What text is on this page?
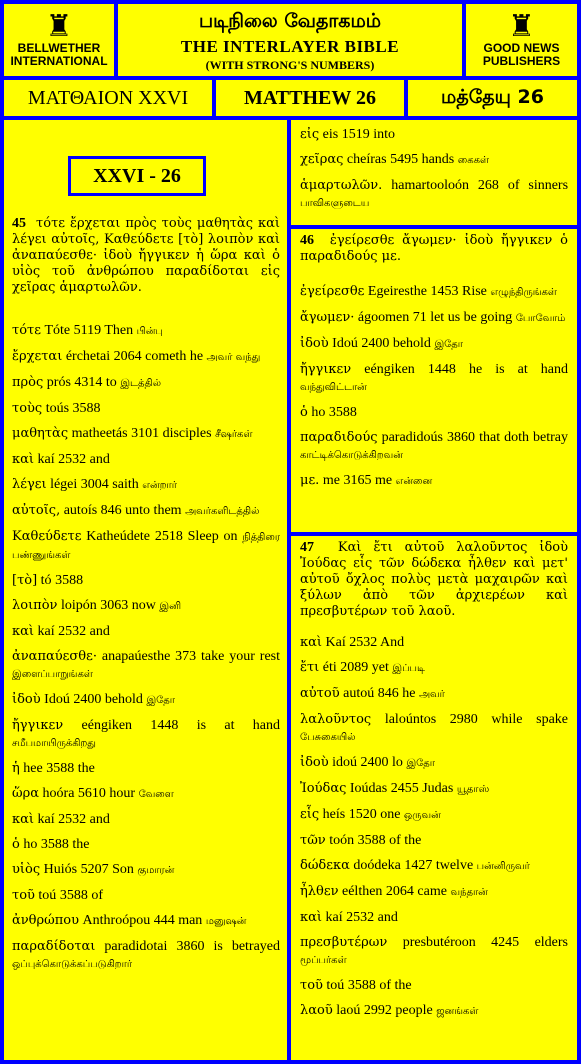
♜
BELLWETHER
INTERNATIONAL
படிநிலை வேதாகமம்
THE INTERLAYER BIBLE
(WITH STRONG'S NUMBERS)
♜
GOOD NEWS
PUBLISHERS
ΜΑΤΘΑΙΟΝ XXVI	MATTHEW 26	மத்தேயு 26
XXVI - 26
45 τότε ἔρχεται πρὸς τοὺς μαθητὰς καὶ λέγει αὐτοῖς, Καθεύδετε [τὸ] λοιπὸν καὶ ἀναπαύεσθε· ἰδοὺ ἤγγικεν ἡ ὥρα καὶ ὁ υἱὸς τοῦ ἀνθρώπου παραδίδοται εἰς χεῖρας ἁμαρτωλῶν.
τότε Tóte 5119 Then பின்பு
ἔρχεται érchetai 2064 cometh he அவர் வந்து
πρὸς prós 4314 to இடத்தில்
τοὺς toús 3588
μαθητὰς matheetás 3101 disciples சீஷர்கள்
καὶ kaí 2532 and
λέγει légei 3004 saith என்றார்
αὐτοῖς, autoís 846 unto them அவர்களிடத்தில்
Καθεύδετε Katheúdete 2518 Sleep on நித்திரை பண்ணுங்கள்
[τὸ] tó 3588
λοιπὸν loipón 3063 now இனி
καὶ kaí 2532 and
ἀναπαύεσθε· anapaúesthe 373 take your rest இளைப்பாறுங்கள்
ἰδοὺ Idoú 2400 behold இதோ
ἤγγικεν eéngiken 1448 is at hand சமீபமாயிருக்கிறது
ἡ hee 3588 the
ὥρα hoóra 5610 hour வேளை
καὶ kaí 2532 and
ὁ ho 3588 the
υἱὸς Huiós 5207 Son குமாரன்
τοῦ toú 3588 of
ἀνθρώπου Anthroópou 444 man மனுஷன்
παραδίδοται paradidotai 3860 is betrayed ஒப்புக்கொடுக்கப்படுகிறார்
εἰς eis 1519 into
χεῖρας cheíras 5495 hands கைகள்
ἁμαρτωλῶν. hamartooloón 268 of sinners பாவிகளுடைய
46 ἐγείρεσθε ἄγωμεν· ἰδοὺ ἤγγικεν ὁ παραδιδούς με.
ἐγείρεσθε Egeiresthe 1453 Rise எழுந்திருங்கள்
ἄγωμεν· ágoomen 71 let us be going போவோம்
ἰδοὺ Idoú 2400 behold இதோ
ἤγγικεν eéngiken 1448 he is at hand வந்துவிட்டான்
ὁ ho 3588
παραδιδούς paradidoús 3860 that doth betray காட்டிக்கொடுக்கிறவன்
με. me 3165 me என்னை
47 Καὶ ἔτι αὐτοῦ λαλοῦντος ἰδοὺ Ἰούδας εἷς τῶν δώδεκα ἦλθεν καὶ μετ' αὐτοῦ ὄχλος πολὺς μετὰ μαχαιρῶν καὶ ξύλων ἀπὸ τῶν ἀρχιερέων καὶ πρεσβυτέρων τοῦ λαοῦ.
καὶ Kaí 2532 And
ἔτι éti 2089 yet இப்படி
αὐτοῦ autoú 846 he அவர்
λαλοῦντος laloúntos 2980 while spake பேசுகையில்
ἰδοὺ idoú 2400 lo இதோ
Ἰούδας Ioúdas 2455 Judas யூதாஸ்
εἷς heís 1520 one ஒருவன்
τῶν toón 3588 of the
δώδεκα doódeka 1427 twelve பன்னிருவர்
ἦλθεν eélthen 2064 came வந்தான்
καὶ kaí 2532 and
πρεσβυτέρων presbutéroon 4245 elders மூப்பர்கள்
τοῦ toú 3588 of the
λαοῦ laoú 2992 people ஜனங்கள்
